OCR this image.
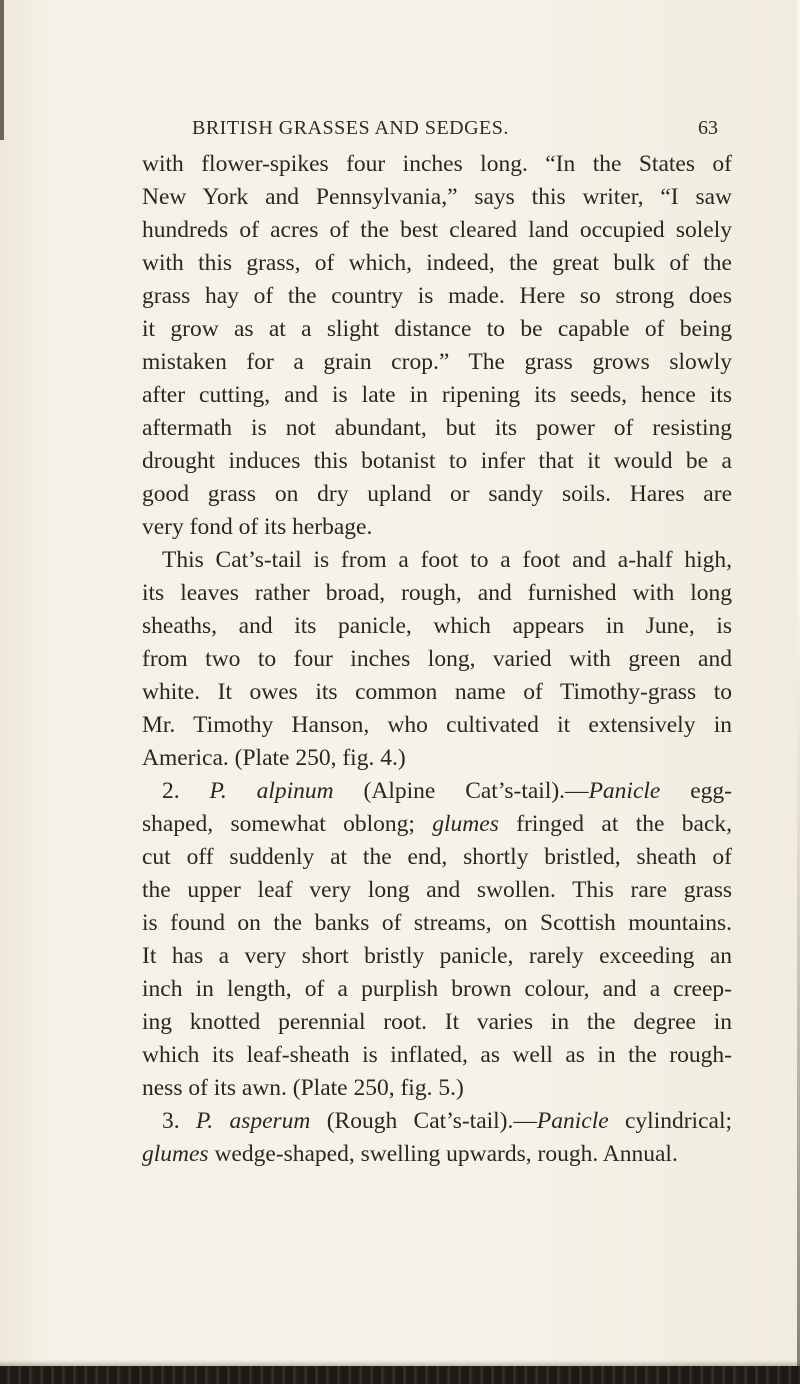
BRITISH GRASSES AND SEDGES.	63
with flower-spikes four inches long. “In the States of
New York and Pennsylvania,” says this writer, “I saw
hundreds of acres of the best cleared land occupied solely
with this grass, of which, indeed, the great bulk of the
grass hay of the country is made. Here so strong does
it grow as at a slight distance to be capable of being
mistaken for a grain crop.” The grass grows slowly
after cutting, and is late in ripening its seeds, hence its
aftermath is not abundant, but its power of resisting
drought induces this botanist to infer that it would be a
good grass on dry upland or sandy soils. Hares are
very fond of its herbage.
This Cat’s-tail is from a foot to a foot and a-half high,
its leaves rather broad, rough, and furnished with long
sheaths, and its panicle, which appears in June, is
from two to four inches long, varied with green and
white. It owes its common name of Timothy-grass to
Mr. Timothy Hanson, who cultivated it extensively in
America. (Plate 250, fig. 4.)
2. P. alpinum (Alpine Cat’s-tail).—Panicle egg-
shaped, somewhat oblong; glumes fringed at the back,
cut off suddenly at the end, shortly bristled, sheath of
the upper leaf very long and swollen. This rare grass
is found on the banks of streams, on Scottish mountains.
It has a very short bristly panicle, rarely exceeding an
inch in length, of a purplish brown colour, and a creep-
ing knotted perennial root. It varies in the degree in
which its leaf-sheath is inflated, as well as in the rough-
ness of its awn. (Plate 250, fig. 5.)
3. P. asperum (Rough Cat’s-tail).—Panicle cylindrical;
glumes wedge-shaped, swelling upwards, rough. Annual.
